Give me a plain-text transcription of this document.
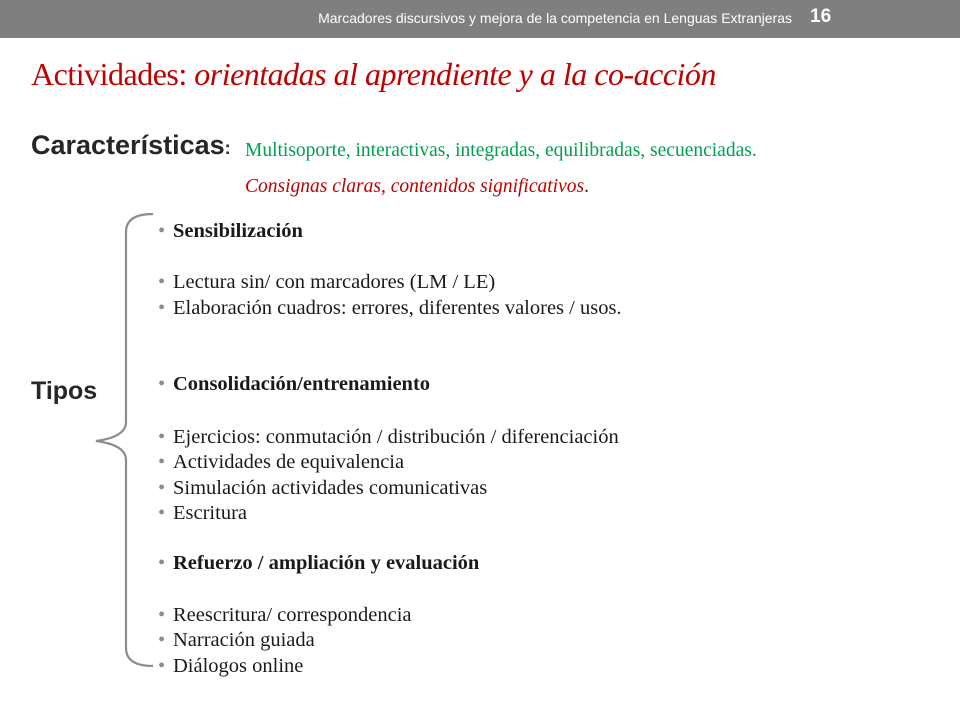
Marcadores discursivos y mejora de la competencia en Lenguas Extranjeras 16
Actividades: orientadas al aprendiente y a la co-acción
Características: Multisoporte, interactivas, integradas, equilibradas, secuenciadas.
Consignas claras, contenidos significativos.
Tipos
• Sensibilización
• Lectura sin/ con marcadores (LM / LE)
• Elaboración cuadros: errores, diferentes valores / usos.
• Consolidación/entrenamiento
• Ejercicios: conmutación / distribución / diferenciación
• Actividades de equivalencia
• Simulación actividades comunicativas
• Escritura
• Refuerzo / ampliación y evaluación
• Reescritura/ correspondencia
• Narración guiada
• Diálogos online
